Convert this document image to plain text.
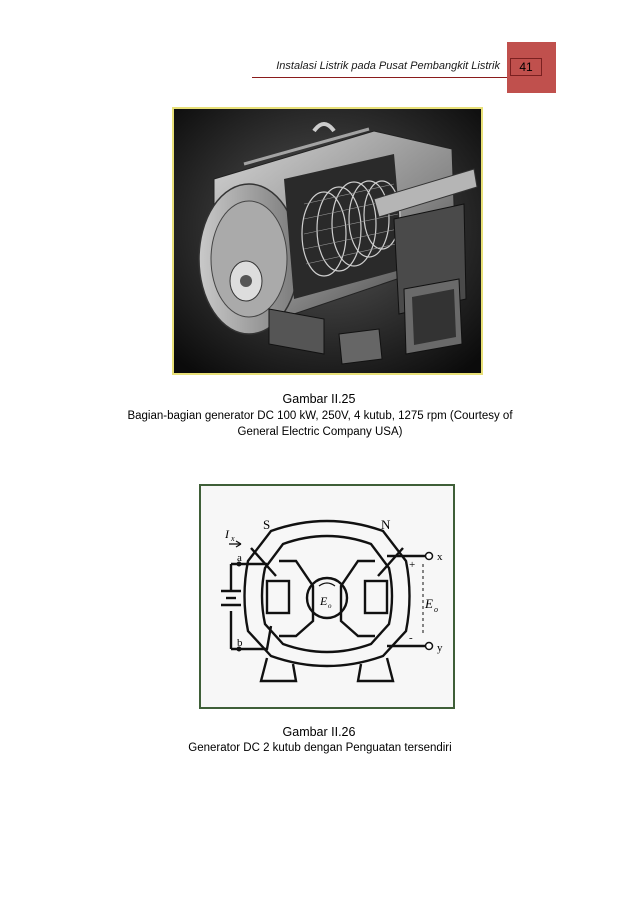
Instalasi Listrik pada Pusat Pembangkit Listrik	41
Gambar II.25
Bagian-bagian generator DC 100 kW, 250V, 4 kutub, 1275 rpm (Courtesy of General Electric Company USA)
S	N
I x
a
b
x
y
+
-
E o
E o
Gambar II.26
Generator DC 2 kutub dengan Penguatan tersendiri
